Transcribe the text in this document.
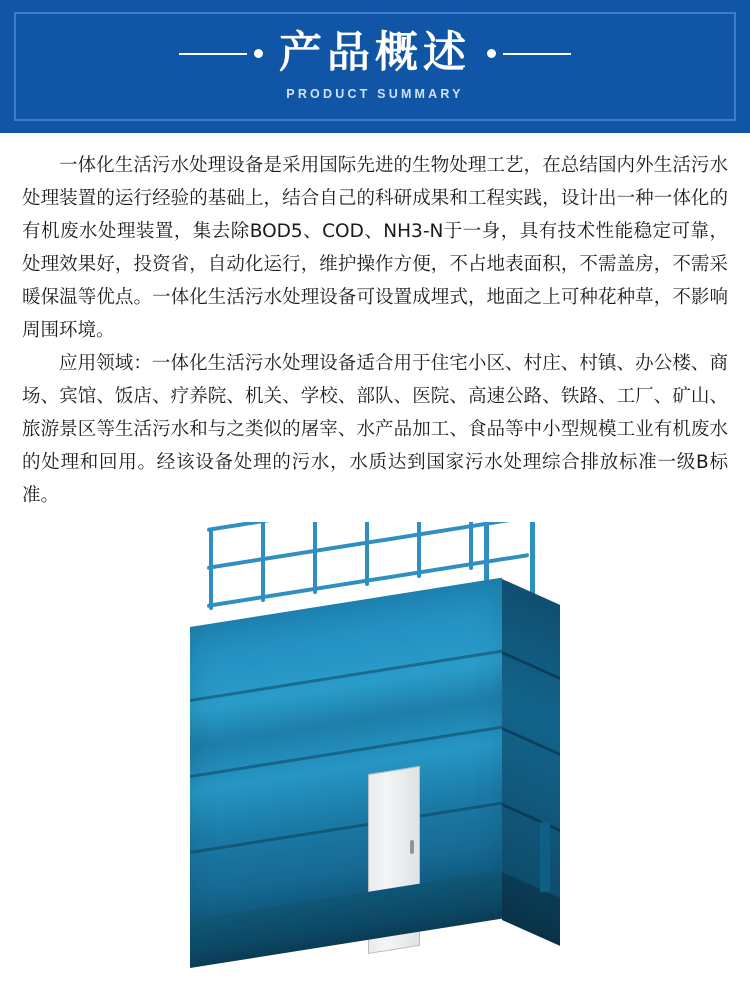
产品概述
PRODUCT SUMMARY

一体化生活污水处理设备是采用国际先进的生物处理工艺，在总结国内外生活污水处理装置的运行经验的基础上，结合自己的科研成果和工程实践，设计出一种一体化的有机废水处理装置，集去除BOD5、COD、NH3-N于一身，具有技术性能稳定可靠，处理效果好，投资省，自动化运行，维护操作方便，不占地表面积，不需盖房，不需采暖保温等优点。一体化生活污水处理设备可设置成埋式，地面之上可种花种草，不影响周围环境。

应用领域：一体化生活污水处理设备适合用于住宅小区、村庄、村镇、办公楼、商场、宾馆、饭店、疗养院、机关、学校、部队、医院、高速公路、铁路、工厂、矿山、旅游景区等生活污水和与之类似的屠宰、水产品加工、食品等中小型规模工业有机废水的处理和回用。经该设备处理的污水，水质达到国家污水处理综合排放标准一级B标准。
